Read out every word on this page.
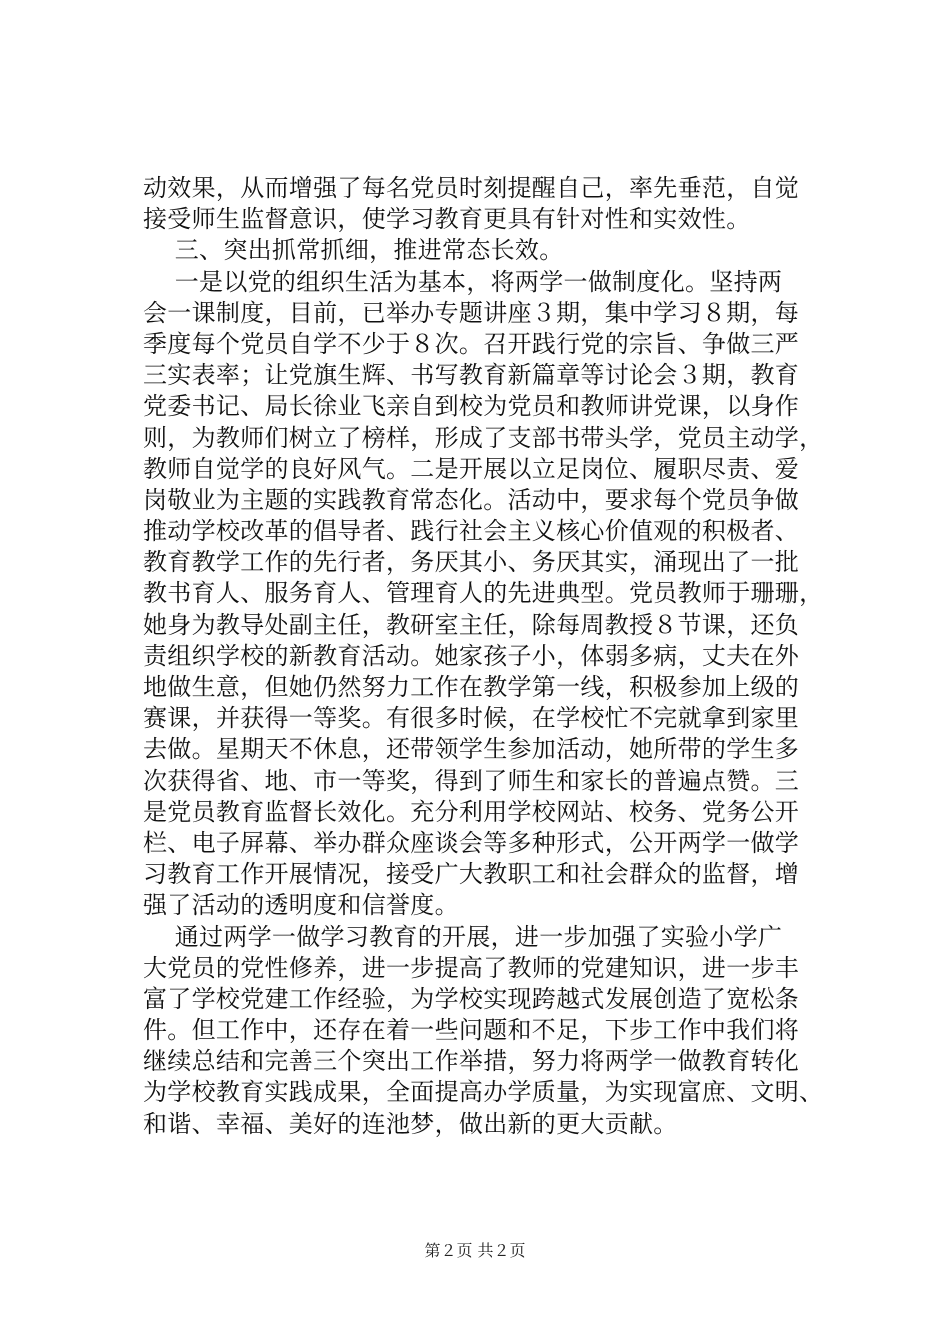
动效果，从而增强了每名党员时刻提醒自己，率先垂范，自觉
接受师生监督意识，使学习教育更具有针对性和实效性。
三、突出抓常抓细，推进常态长效。
一是以党的组织生活为基本，将两学一做制度化。坚持两
会一课制度，目前，已举办专题讲座３期，集中学习８期，每
季度每个党员自学不少于８次。召开践行党的宗旨、争做三严
三实表率；让党旗生辉、书写教育新篇章等讨论会３期，教育
党委书记、局长徐业飞亲自到校为党员和教师讲党课，以身作
则，为教师们树立了榜样，形成了支部书带头学，党员主动学，
教师自觉学的良好风气。二是开展以立足岗位、履职尽责、爱
岗敬业为主题的实践教育常态化。活动中，要求每个党员争做
推动学校改革的倡导者、践行社会主义核心价值观的积极者、
教育教学工作的先行者，务厌其小、务厌其实，涌现出了一批
教书育人、服务育人、管理育人的先进典型。党员教师于珊珊，
她身为教导处副主任，教研室主任，除每周教授８节课，还负
责组织学校的新教育活动。她家孩子小，体弱多病，丈夫在外
地做生意，但她仍然努力工作在教学第一线，积极参加上级的
赛课，并获得一等奖。有很多时候，在学校忙不完就拿到家里
去做。星期天不休息，还带领学生参加活动，她所带的学生多
次获得省、地、市一等奖，得到了师生和家长的普遍点赞。三
是党员教育监督长效化。充分利用学校网站、校务、党务公开
栏、电子屏幕、举办群众座谈会等多种形式，公开两学一做学
习教育工作开展情况，接受广大教职工和社会群众的监督，增
强了活动的透明度和信誉度。
通过两学一做学习教育的开展，进一步加强了实验小学广
大党员的党性修养，进一步提高了教师的党建知识，进一步丰
富了学校党建工作经验，为学校实现跨越式发展创造了宽松条
件。但工作中，还存在着一些问题和不足，下步工作中我们将
继续总结和完善三个突出工作举措，努力将两学一做教育转化
为学校教育实践成果，全面提高办学质量，为实现富庶、文明、
和谐、幸福、美好的连池梦，做出新的更大贡献。
第２页 共２页
